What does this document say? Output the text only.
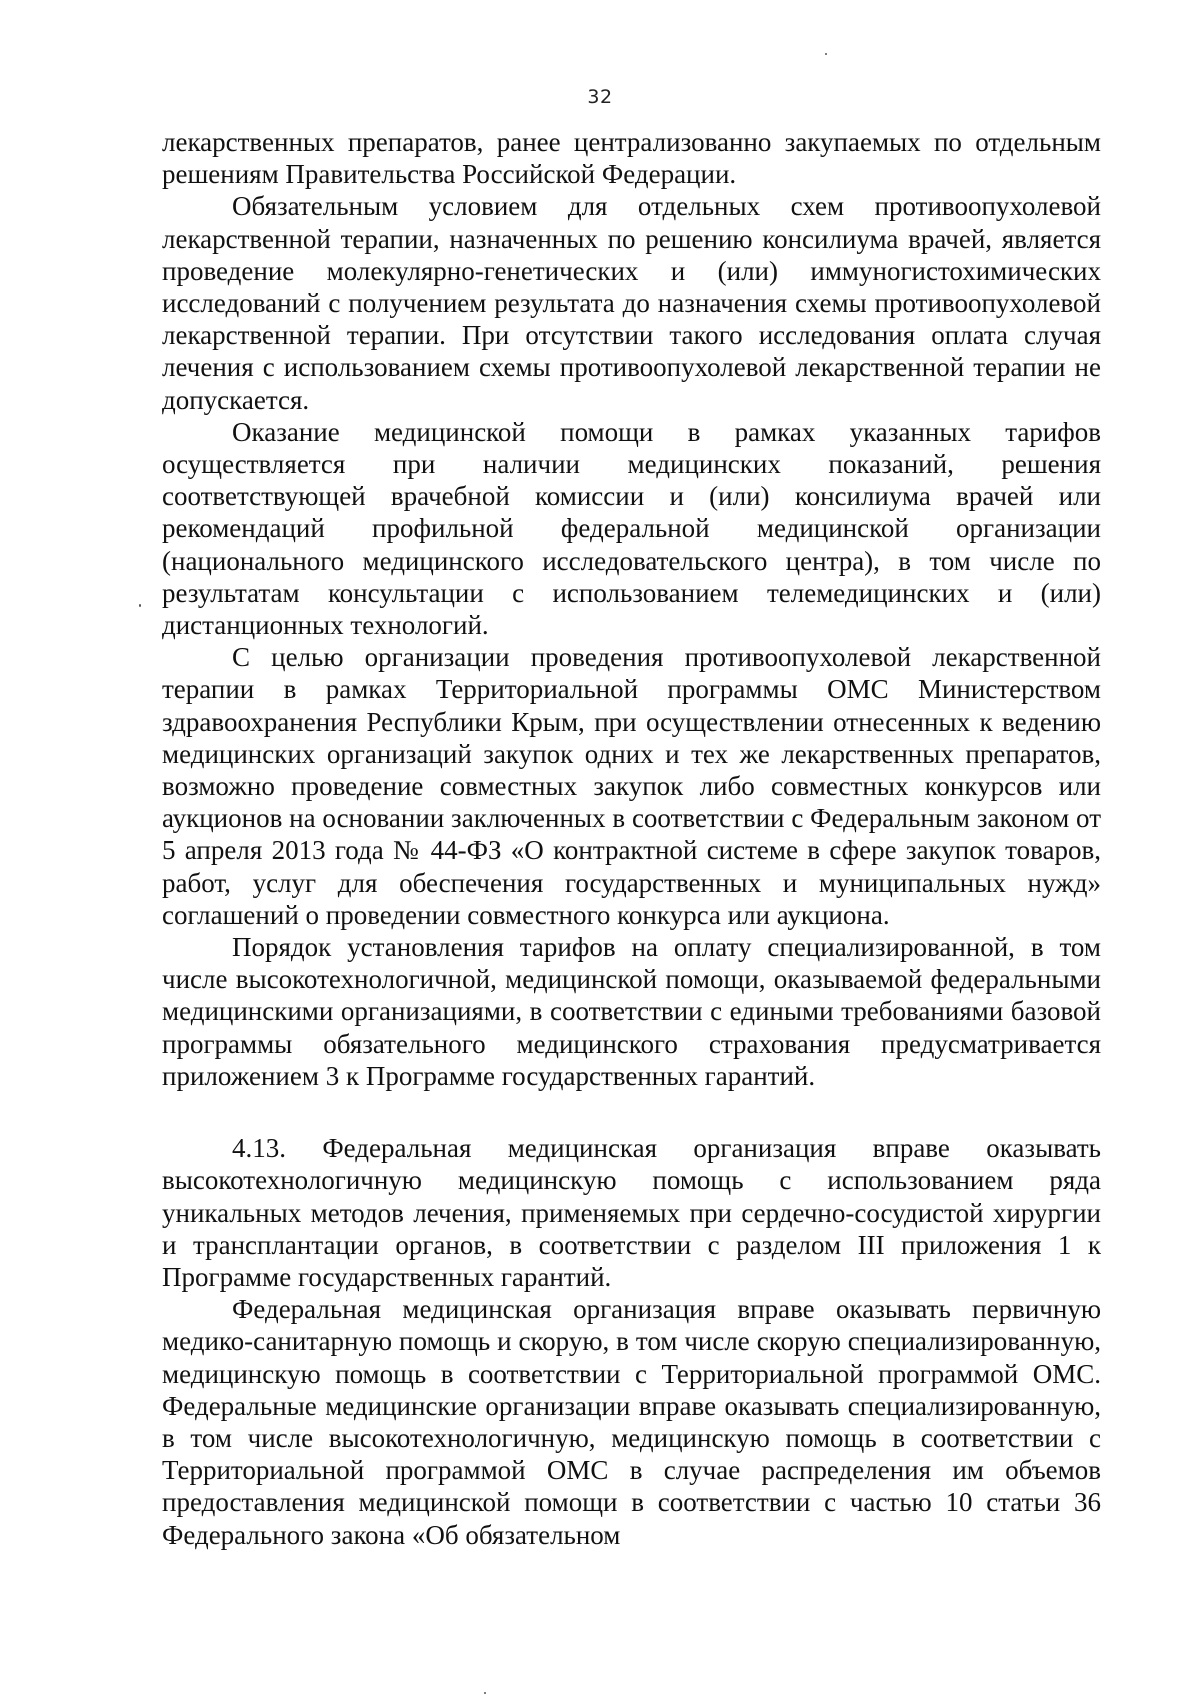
32

лекарственных препаратов, ранее централизованно закупаемых по отдельным решениям Правительства Российской Федерации.

Обязательным условием для отдельных схем противоопухолевой лекарственной терапии, назначенных по решению консилиума врачей, является проведение молекулярно-генетических и (или) иммуногистохимических исследований с получением результата до назначения схемы противоопухолевой лекарственной терапии. При отсутствии такого исследования оплата случая лечения с использованием схемы противоопухолевой лекарственной терапии не допускается.

Оказание медицинской помощи в рамках указанных тарифов осуществляется при наличии медицинских показаний, решения соответствующей врачебной комиссии и (или) консилиума врачей или рекомендаций профильной федеральной медицинской организации (национального медицинского исследовательского центра), в том числе по результатам консультации с использованием телемедицинских и (или) дистанционных технологий.

С целью организации проведения противоопухолевой лекарственной терапии в рамках Территориальной программы ОМС Министерством здравоохранения Республики Крым, при осуществлении отнесенных к ведению медицинских организаций закупок одних и тех же лекарственных препаратов, возможно проведение совместных закупок либо совместных конкурсов или аукционов на основании заключенных в соответствии с Федеральным законом от 5 апреля 2013 года № 44-ФЗ «О контрактной системе в сфере закупок товаров, работ, услуг для обеспечения государственных и муниципальных нужд» соглашений о проведении совместного конкурса или аукциона.

Порядок установления тарифов на оплату специализированной, в том числе высокотехнологичной, медицинской помощи, оказываемой федеральными медицинскими организациями, в соответствии с едиными требованиями базовой программы обязательного медицинского страхования предусматривается приложением 3 к Программе государственных гарантий.

4.13. Федеральная медицинская организация вправе оказывать высокотехнологичную медицинскую помощь с использованием ряда уникальных методов лечения, применяемых при сердечно-сосудистой хирургии и трансплантации органов, в соответствии с разделом III приложения 1 к Программе государственных гарантий.

Федеральная медицинская организация вправе оказывать первичную медико-санитарную помощь и скорую, в том числе скорую специализированную, медицинскую помощь в соответствии с Территориальной программой ОМС. Федеральные медицинские организации вправе оказывать специализированную, в том числе высокотехнологичную, медицинскую помощь в соответствии с Территориальной программой ОМС в случае распределения им объемов предоставления медицинской помощи в соответствии с частью 10 статьи 36 Федерального закона «Об обязательном
